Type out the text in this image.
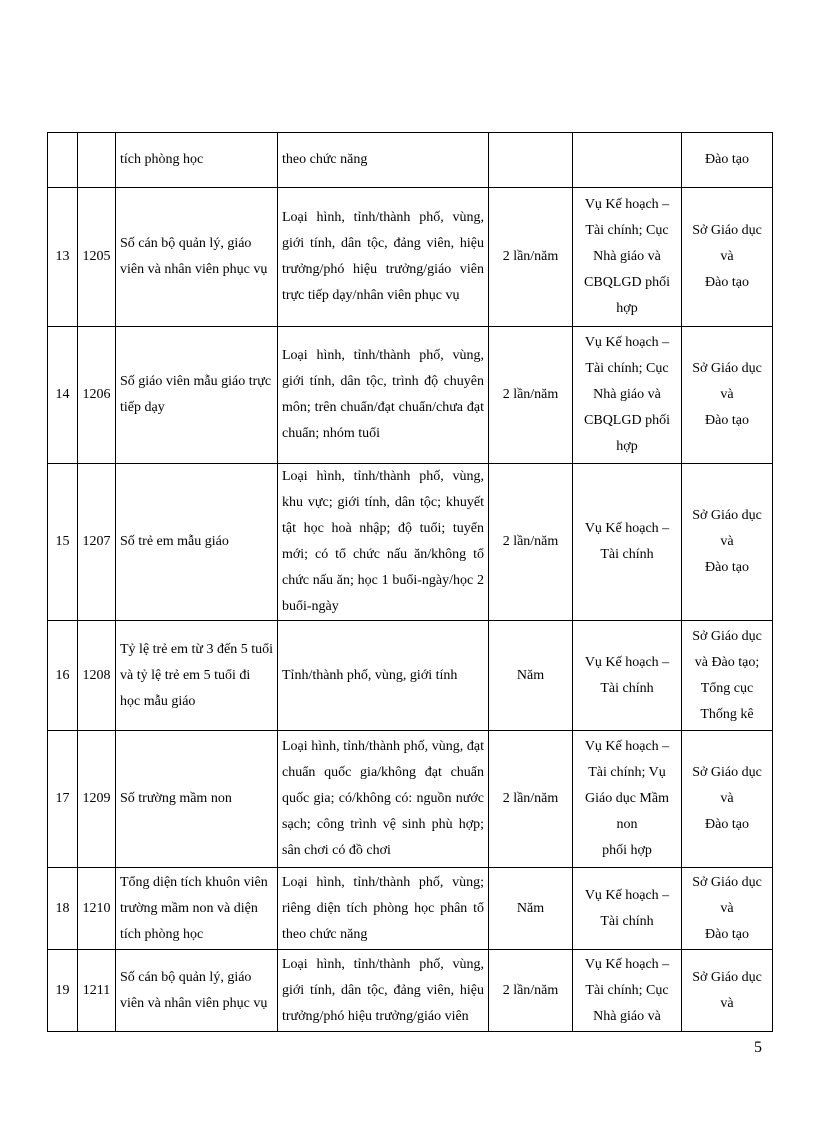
		tích phòng học	theo chức năng			Đào tạo

13	1205	Số cán bộ quản lý, giáo viên và nhân viên phục vụ	Loại hình, tỉnh/thành phố, vùng, giới tính, dân tộc, đảng viên, hiệu trưởng/phó hiệu trưởng/giáo viên trực tiếp dạy/nhân viên phục vụ	2 lần/năm	Vụ Kế hoạch –
Tài chính; Cục
Nhà giáo và
CBQLGD phối
hợp	Sở Giáo dục
và
Đào tạo

14	1206	Số giáo viên mẫu giáo trực tiếp dạy	Loại hình, tỉnh/thành phố, vùng, giới tính, dân tộc, trình độ chuyên môn; trên chuẩn/đạt chuẩn/chưa đạt chuẩn; nhóm tuổi	2 lần/năm	Vụ Kế hoạch –
Tài chính; Cục
Nhà giáo và
CBQLGD phối
hợp	Sở Giáo dục
và
Đào tạo

15	1207	Số trẻ em mẫu giáo	Loại hình, tỉnh/thành phố, vùng, khu vực; giới tính, dân tộc; khuyết tật học hoà nhập; độ tuổi; tuyển mới; có tổ chức nấu ăn/không tổ chức nấu ăn; học 1 buổi-ngày/học 2 buổi-ngày	2 lần/năm	Vụ Kế hoạch –
Tài chính	Sở Giáo dục
và
Đào tạo

16	1208	Tỷ lệ trẻ em từ 3 đến 5 tuổi và tỷ lệ trẻ em 5 tuổi đi học mẫu giáo	Tỉnh/thành phố, vùng, giới tính	Năm	Vụ Kế hoạch –
Tài chính	Sở Giáo dục
và Đào tạo;
Tổng cục
Thống kê

17	1209	Số trường mầm non	Loại hình, tỉnh/thành phố, vùng, đạt chuẩn quốc gia/không đạt chuẩn quốc gia; có/không có: nguồn nước sạch; công trình vệ sinh phù hợp; sân chơi có đồ chơi	2 lần/năm	Vụ Kế hoạch –
Tài chính; Vụ
Giáo dục Mầm
non
phối hợp	Sở Giáo dục
và
Đào tạo

18	1210	Tổng diện tích khuôn viên trường mầm non và diện tích phòng học	Loại hình, tỉnh/thành phố, vùng; riêng diện tích phòng học phân tổ theo chức năng	Năm	Vụ Kế hoạch –
Tài chính	Sở Giáo dục
và
Đào tạo

19	1211	Số cán bộ quản lý, giáo viên và nhân viên phục vụ	Loại hình, tỉnh/thành phố, vùng, giới tính, dân tộc, đảng viên, hiệu trưởng/phó hiệu trưởng/giáo viên	2 lần/năm	Vụ Kế hoạch –
Tài chính; Cục
Nhà giáo và	Sở Giáo dục
và
5
